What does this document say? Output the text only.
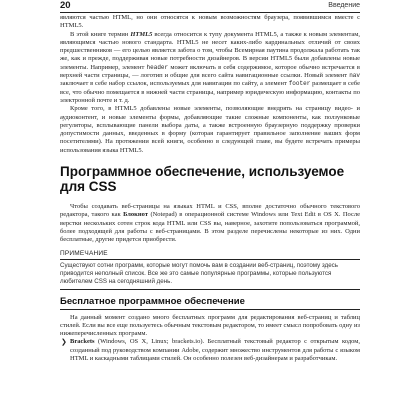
20	Введение

являются частью HTML, но они относятся к новым возможностям браузера, появившимся вместе с HTML5.

В этой книге термин HTML5 всегда относится к тупу документа HTML5, а также к новым элементам, являющимся частью нового стандарта. HTML5 не несет каких-либо кардинальных отличий от своих предшественников — его целью является забота о том, чтобы Всемирная паутина продолжала работать так же, как и прежде, поддерживая новые потребности дизайнеров. В версии HTML5 были добавлены новые элементы. Например, элемент header может включать в себя содержимое, которое обычно встречается в верхней части страницы, — логотип и общие для всего сайта навигационные ссылки. Новый элемент nav заключает в себе набор ссылок, используемых для навигации по сайту, а элемент footer размещает в себе все, что обычно помещается в нижней части страницы, например юридическую информацию, контакты по электронной почте и т. д.

Кроме того, в HTML5 добавлены новые элементы, позволяющие внедрять на страницу видео- и аудиоконтент, и новые элементы формы, добавляющие такие сложные компоненты, как ползунковые регуляторы, всплывающие панели выбора даты, а также встроенную браузерную поддержку проверки допустимости данных, введенных в форму (которая гарантирует правильное заполнение ваших форм посетителями). На протяжении всей книги, особенно в следующей главе, вы будете встречать примеры использования языка HTML5.

Программное обеспечение, используемое для CSS

Чтобы создавать веб-страницы на языках HTML и CSS, вполне достаточно обычного текстового редактора, такого как Блокнот (Notepad) в операционной системе Windows или Text Edit в OS X. После верстки нескольких сотен строк кода HTML или CSS вы, наверное, захотите попользоваться программой, более подходящей для работы с веб-страницами. В этом разделе перечислены некоторые из них. Одни бесплатные, другие придется приобрести.

ПРИМЕЧАНИЕ
Существуют сотни программ, которые могут помочь вам в создании веб-страниц, поэтому здесь приводится неполный список. Все же это самые популярные программы, которые пользуются любителем CSS на сегодняшний день.
Бесплатное программное обеспечение

На данный момент создано много бесплатных программ для редактирования веб-страниц и таблиц стилей. Если вы все еще пользуетесь обычным текстовым редактором, то имеет смысл попробовать одну из нижеперечисленных программ.

❯ Brackets (Windows, OS X, Linux; brackets.io). Бесплатный текстовый редактор с открытым кодом, созданный под руководством компании Adobe, содержит множество инструментов для работы с языком HTML и каскадными таблицами стилей. Он особенно полезен веб-дизайнерам и разработчикам.
